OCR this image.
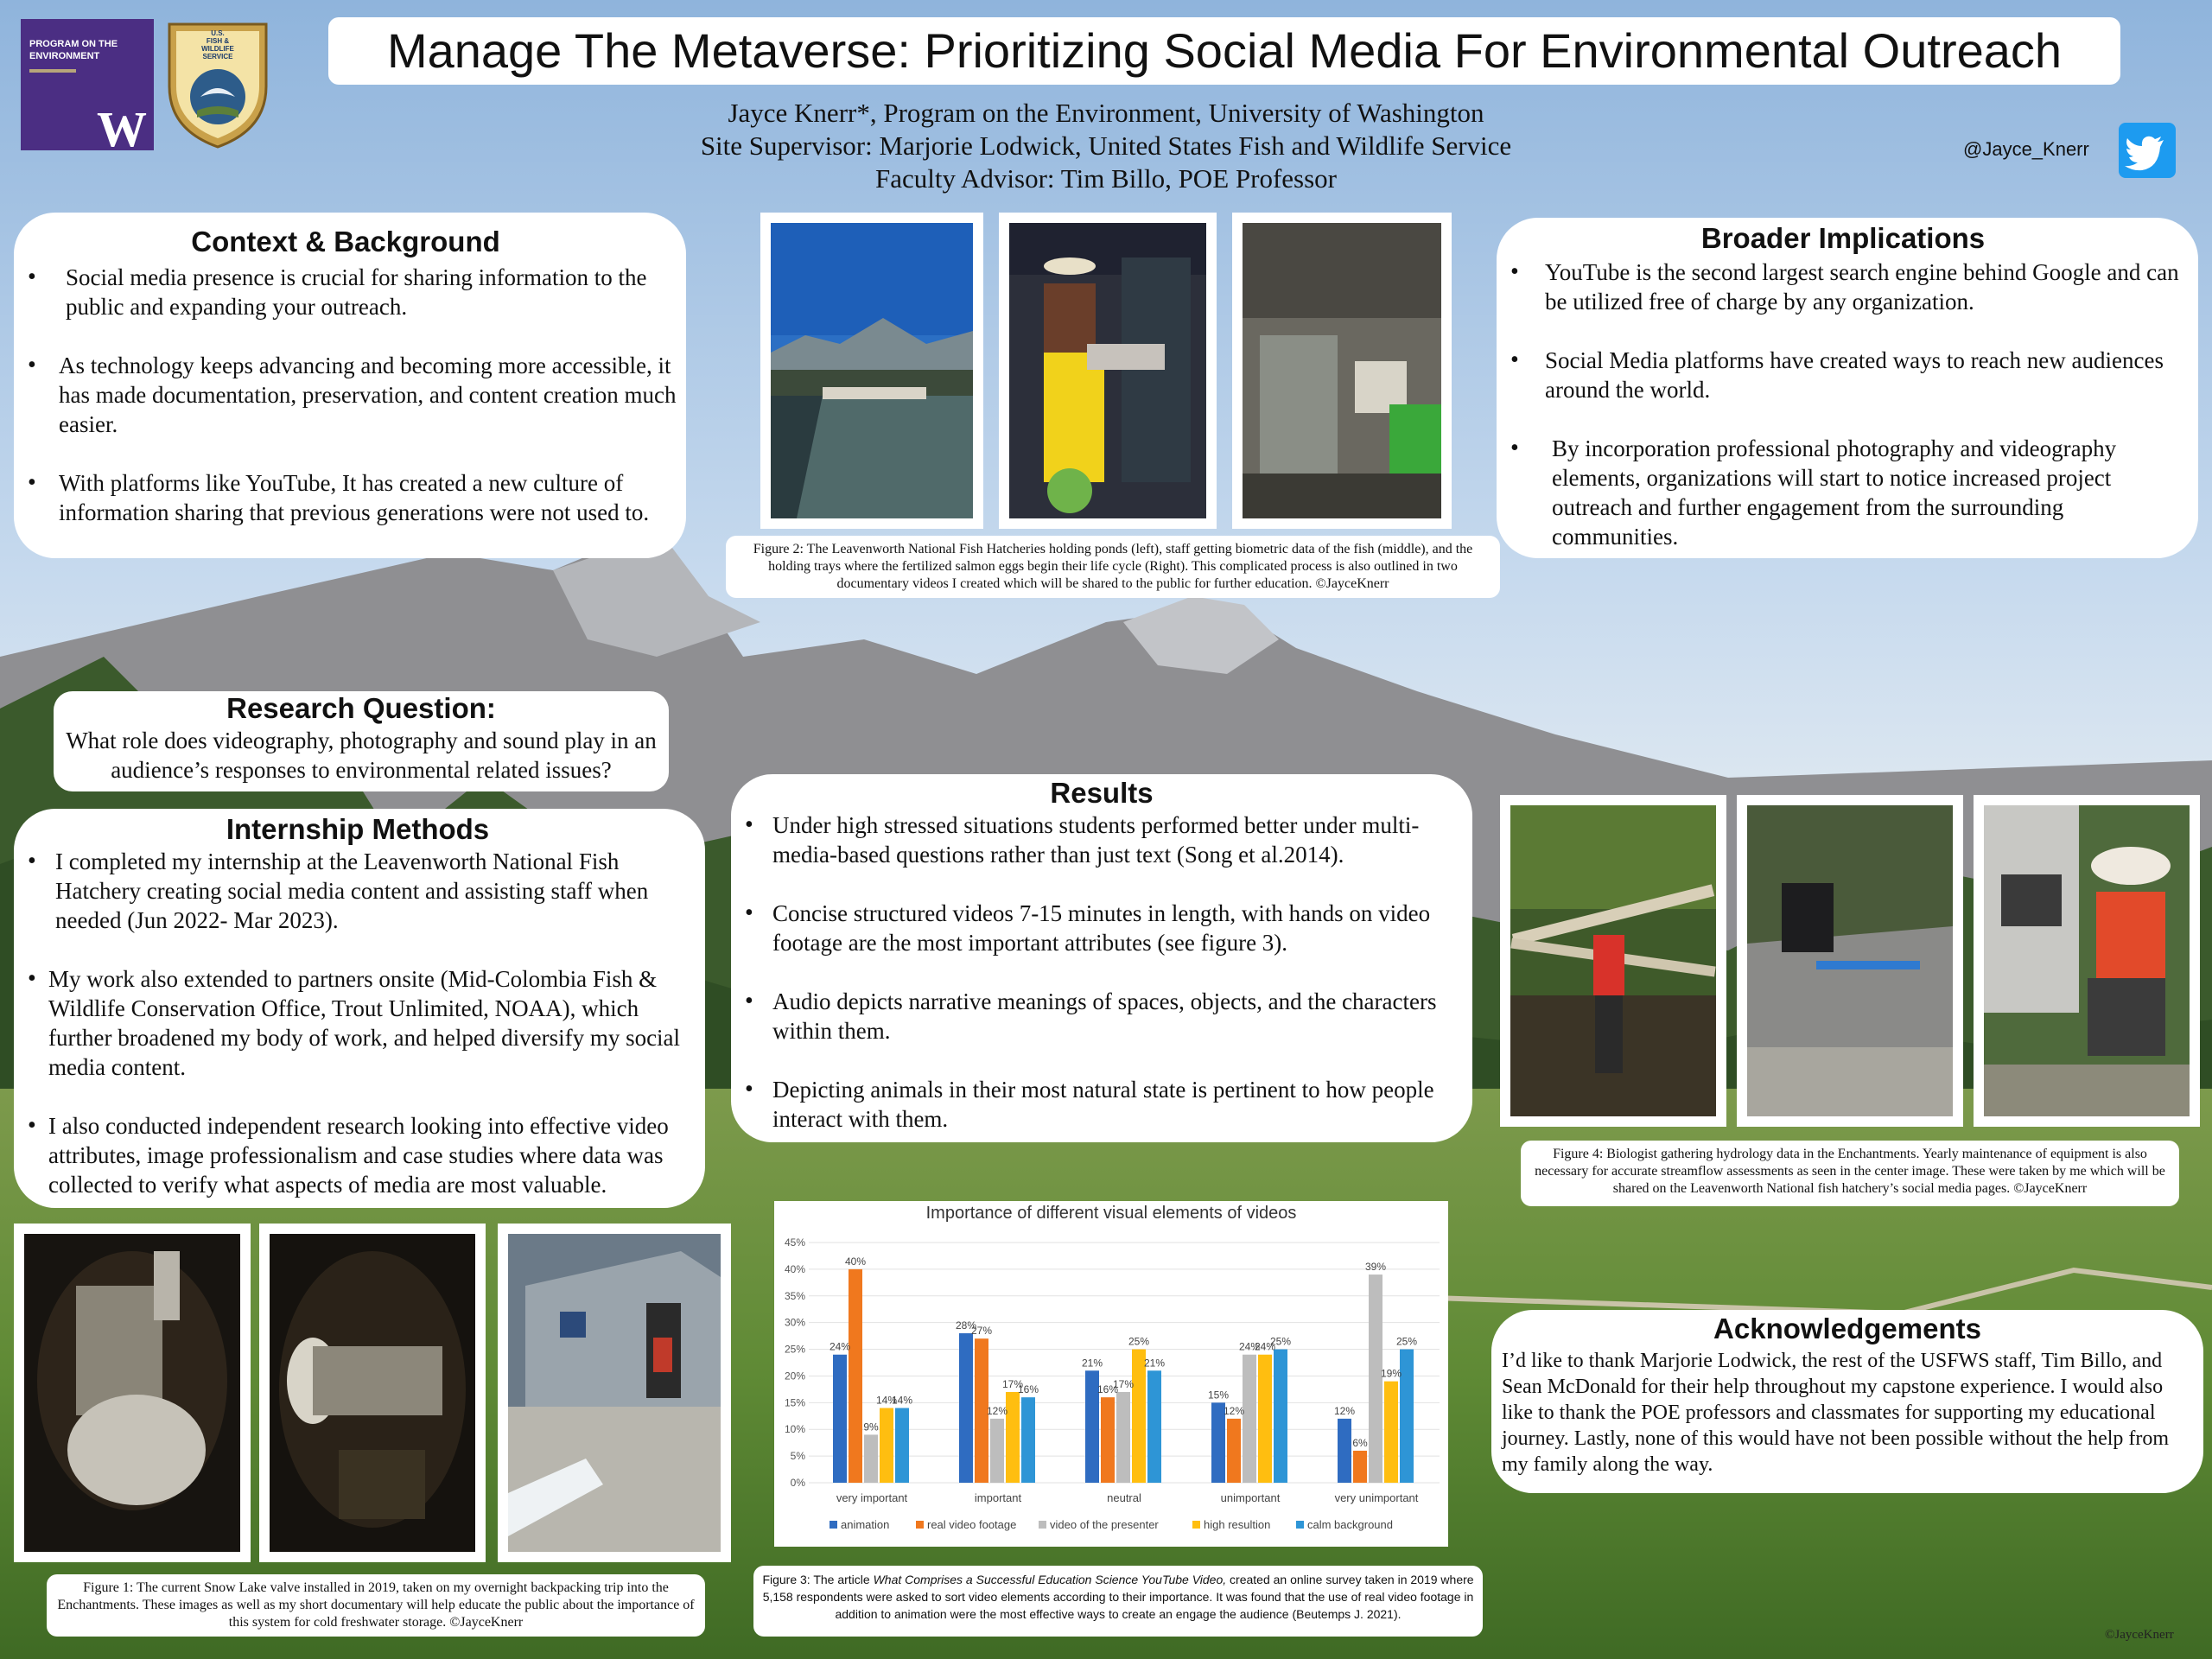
PROGRAM ON THE
ENVIRONMENT
W
U.S.
FISH & WILDLIFE
SERVICE	Manage The Metaverse: Prioritizing Social Media For Environmental Outreach
Jayce Knerr*, Program on the Environment, University of Washington
Site Supervisor: Marjorie Lodwick, United States Fish and Wildlife Service
Faculty Advisor: Tim Billo, POE Professor
@Jayce_Knerr
Context & Background
• Social media presence is crucial for sharing information to the public and expanding your outreach.
• As technology keeps advancing and becoming more accessible, it has made documentation, preservation, and content creation much easier.
• With platforms like YouTube, It has created a new culture of information sharing that previous generations were not used to.
Figure 2: The Leavenworth National Fish Hatcheries holding ponds (left), staff getting biometric data of the fish (middle), and the holding trays where the fertilized salmon eggs begin their life cycle (Right). This complicated process is also outlined in two documentary videos I created which will be shared to the public for further education. ©JayceKnerr
Broader Implications
• YouTube is the second largest search engine behind Google and can be utilized free of charge by any organization.
• Social Media platforms have created ways to reach new audiences around the world.
• By incorporation professional photography and videography elements, organizations will start to notice increased project outreach and further engagement from the surrounding communities.
Research Question:
What role does videography, photography and sound play in an audience’s responses to environmental related issues?
Internship Methods
• I completed my internship at the Leavenworth National Fish Hatchery creating social media content and assisting staff when needed (Jun 2022- Mar 2023).
• My work also extended to partners onsite (Mid-Colombia Fish & Wildlife Conservation Office, Trout Unlimited, NOAA), which further broadened my body of work, and helped diversify my social media content.
• I also conducted independent research looking into effective video attributes, image professionalism and case studies where data was collected to verify what aspects of media are most valuable.
Results
• Under high stressed situations students performed better under multi-media-based questions rather than just text (Song et al.2014).
• Concise structured videos 7-15 minutes in length, with hands on video footage are the most important attributes (see figure 3).
• Audio depicts narrative meanings of spaces, objects, and the characters within them.
• Depicting animals in their most natural state is pertinent to how people interact with them.
Figure 4: Biologist gathering hydrology data in the Enchantments. Yearly maintenance of equipment is also necessary for accurate streamflow assessments as seen in the center image. These were taken by me which will be shared on the Leavenworth National fish hatchery’s social media pages. ©JayceKnerr
Importance of different visual elements of videos
24%
40%
9%
14%
14%
28%
27%
12%
17%
16%
21%
16%
17%
25%
21%
15%
12%
24%
24%
25%
12%
6%
39%
19%
25%
very important	important	neutral	unimportant	very unimportant
0%
5%
10%
15%
20%
25%
30%
35%
40%
45%
animation	real video footage	video of the presenter	high resultion	calm background
Figure 3: The article What Comprises a Successful Education Science YouTube Video, created an online survey taken in 2019 where 5,158 respondents were asked to sort video elements according to their importance. It was found that the use of real video footage in addition to animation were the most effective ways to create an engage the audience (Beutemps J. 2021).
Figure 1: The current Snow Lake valve installed in 2019, taken on my overnight backpacking trip into the Enchantments. These images as well as my short documentary will help educate the public about the importance of this system for cold freshwater storage. ©JayceKnerr
Acknowledgements
I’d like to thank Marjorie Lodwick, the rest of the USFWS staff, Tim Billo, and Sean McDonald for their help throughout my capstone experience. I would also like to thank the POE professors and classmates for supporting my educational journey. Lastly, none of this would have not been possible without the help from my family along the way.
©JayceKnerr
